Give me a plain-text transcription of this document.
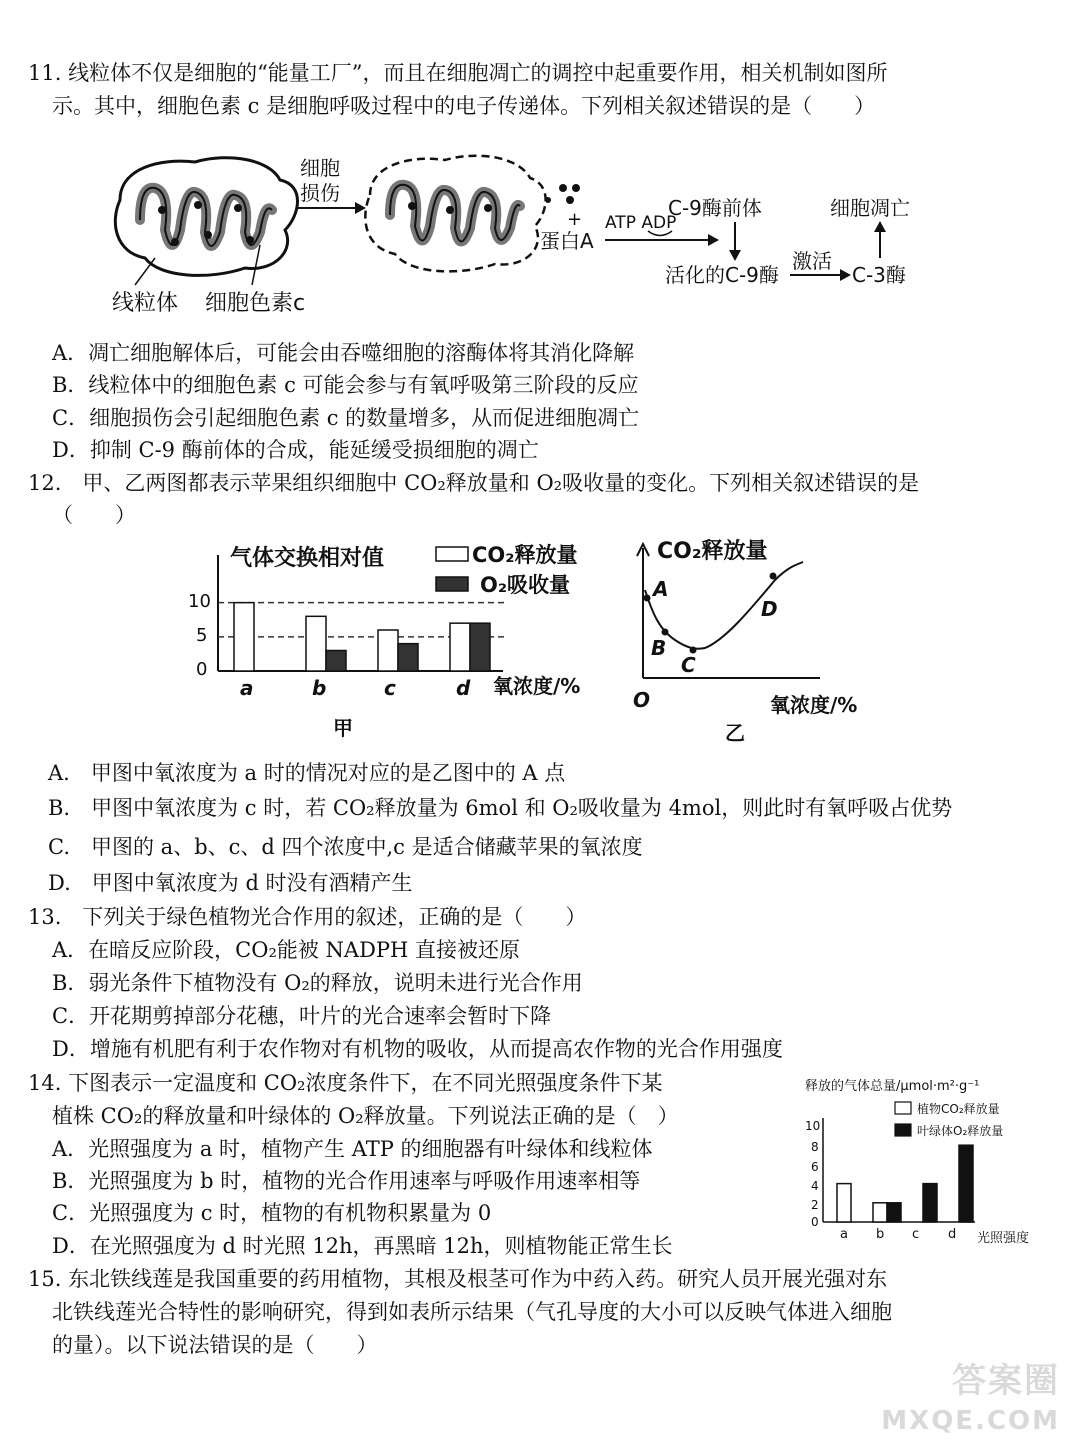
11. 线粒体不仅是细胞的“能量工厂”，而且在细胞凋亡的调控中起重要作用，相关机制如图所
示。其中，细胞色素 c 是细胞呼吸过程中的电子传递体。下列相关叙述错误的是（　　）
线粒体 细胞色素c
细胞
损伤
+
蛋白A
ATP ADP
C-9酶前体
活化的C-9酶
激活
C-3酶
细胞凋亡
A．凋亡细胞解体后，可能会由吞噬细胞的溶酶体将其消化降解
B．线粒体中的细胞色素 c 可能会参与有氧呼吸第三阶段的反应
C．细胞损伤会引起细胞色素 c 的数量增多，从而促进细胞凋亡
D．抑制 C-9 酶前体的合成，能延缓受损细胞的凋亡
12.　甲、乙两图都表示苹果组织细胞中 CO₂释放量和 O₂吸收量的变化。下列相关叙述错误的是
（　　）
气体交换相对值
10
5
0
a	b	c	d
CO₂释放量
O₂吸收量
氧浓度/%
甲
CO₂释放量
O
A
B
C
D
氧浓度/%
乙
A.　甲图中氧浓度为 a 时的情况对应的是乙图中的 A 点
B.　甲图中氧浓度为 c 时，若 CO₂释放量为 6mol 和 O₂吸收量为 4mol，则此时有氧呼吸占优势
C.　甲图的 a、b、c、d 四个浓度中,c 是适合储藏苹果的氧浓度
D.　甲图中氧浓度为 d 时没有酒精产生
13.　下列关于绿色植物光合作用的叙述，正确的是（　　）
A．在暗反应阶段，CO₂能被 NADPH 直接被还原
B．弱光条件下植物没有 O₂的释放，说明未进行光合作用
C．开花期剪掉部分花穗，叶片的光合速率会暂时下降
D．增施有机肥有利于农作物对有机物的吸收，从而提高农作物的光合作用强度
14. 下图表示一定温度和 CO₂浓度条件下，在不同光照强度条件下某
植株 CO₂的释放量和叶绿体的 O₂释放量。下列说法正确的是（　）
A．光照强度为 a 时，植物产生 ATP 的细胞器有叶绿体和线粒体
B．光照强度为 b 时，植物的光合作用速率与呼吸作用速率相等
C．光照强度为 c 时，植物的有机物积累量为 0
D．在光照强度为 d 时光照 12h，再黑暗 12h，则植物能正常生长
释放的气体总量/μmol·m²·g⁻¹
植物CO₂释放量
叶绿体O₂释放量
10
8
6
4
2
0
a b c d 光照强度
15. 东北铁线莲是我国重要的药用植物，其根及根茎可作为中药入药。研究人员开展光强对东
北铁线莲光合特性的影响研究，得到如表所示结果（气孔导度的大小可以反映气体进入细胞
的量）。以下说法错误的是（　　）
答案圈
MXQE.COM
